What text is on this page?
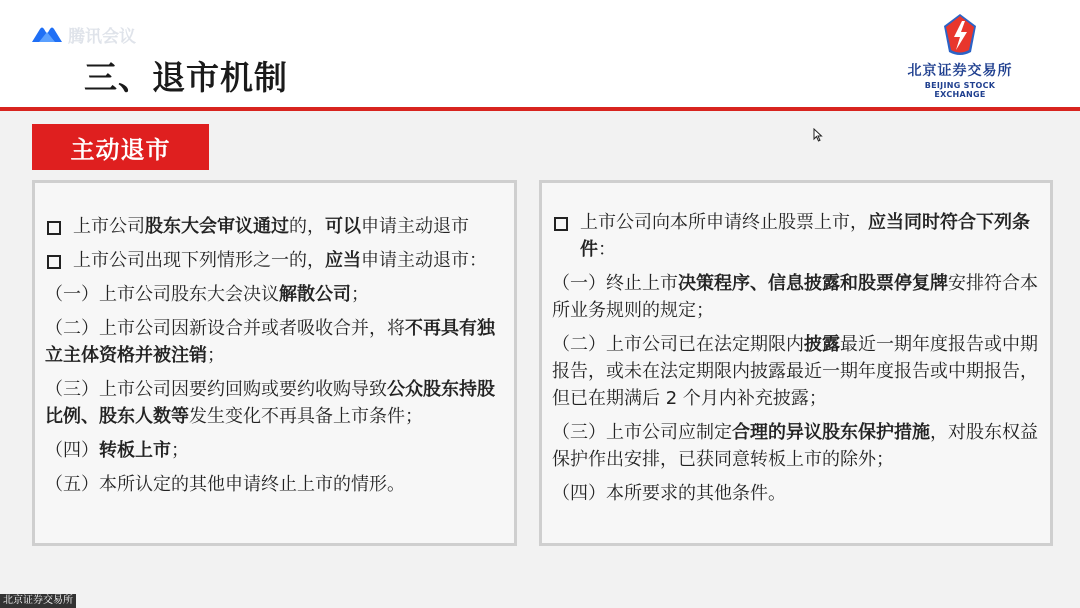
腾讯会议
三、退市机制	北京证券交易所
BEIJING STOCK EXCHANGE
主动退市
上市公司股东大会审议通过的，可以申请主动退市
上市公司出现下列情形之一的，应当申请主动退市：
（一）上市公司股东大会决议解散公司；
（二）上市公司因新设合并或者吸收合并，将不再具有独立主体资格并被注销；
（三）上市公司因要约回购或要约收购导致公众股东持股比例、股东人数等发生变化不再具备上市条件；
（四）转板上市；
（五）本所认定的其他申请终止上市的情形。
上市公司向本所申请终止股票上市，应当同时符合下列条件：
（一）终止上市决策程序、信息披露和股票停复牌安排符合本所业务规则的规定；
（二）上市公司已在法定期限内披露最近一期年度报告或中期报告，或未在法定期限内披露最近一期年度报告或中期报告，但已在期满后 2 个月内补充披露；
（三）上市公司应制定合理的异议股东保护措施，对股东权益保护作出安排，已获同意转板上市的除外；
（四）本所要求的其他条件。
北京证券交易所
